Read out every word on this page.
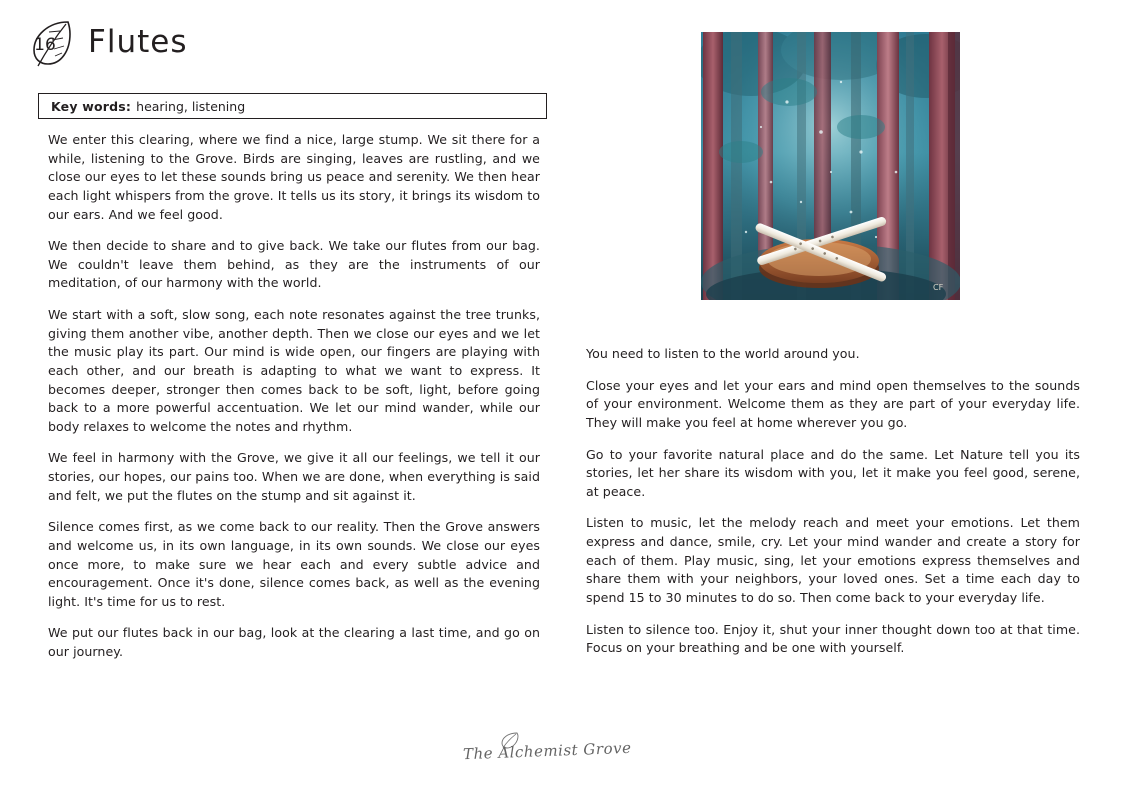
16 Flutes
Key words: hearing, listening
CF

We enter this clearing, where we find a nice, large stump. We sit there for a while, listening to the Grove. Birds are singing, leaves are rustling, and we close our eyes to let these sounds bring us peace and serenity. We then hear each light whispers from the grove. It tells us its story, it brings its wisdom to our ears. And we feel good.

We then decide to share and to give back. We take our flutes from our bag. We couldn't leave them behind, as they are the instruments of our meditation, of our harmony with the world.

We start with a soft, slow song, each note resonates against the tree trunks, giving them another vibe, another depth. Then we close our eyes and we let the music play its part. Our mind is wide open, our fingers are playing with each other, and our breath is adapting to what we want to express. It becomes deeper, stronger then comes back to be soft, light, before going back to a more powerful accentuation. We let our mind wander, while our body relaxes to welcome the notes and rhythm.

We feel in harmony with the Grove, we give it all our feelings, we tell it our stories, our hopes, our pains too. When we are done, when everything is said and felt, we put the flutes on the stump and sit against it.

Silence comes first, as we come back to our reality. Then the Grove answers and welcome us, in its own language, in its own sounds. We close our eyes once more, to make sure we hear each and every subtle advice and encouragement. Once it's done, silence comes back, as well as the evening light. It's time for us to rest.

We put our flutes back in our bag, look at the clearing a last time, and go on our journey.

You need to listen to the world around you.

Close your eyes and let your ears and mind open themselves to the sounds of your environment. Welcome them as they are part of your everyday life. They will make you feel at home wherever you go.

Go to your favorite natural place and do the same. Let Nature tell you its stories, let her share its wisdom with you, let it make you feel good, serene, at peace.

Listen to music, let the melody reach and meet your emotions. Let them express and dance, smile, cry. Let your mind wander and create a story for each of them. Play music, sing, let your emotions express themselves and share them with your neighbors, your loved ones. Set a time each day to spend 15 to 30 minutes to do so. Then come back to your everyday life.

Listen to silence too. Enjoy it, shut your inner thought down too at that time. Focus on your breathing and be one with yourself.

The Alchemist Grove
